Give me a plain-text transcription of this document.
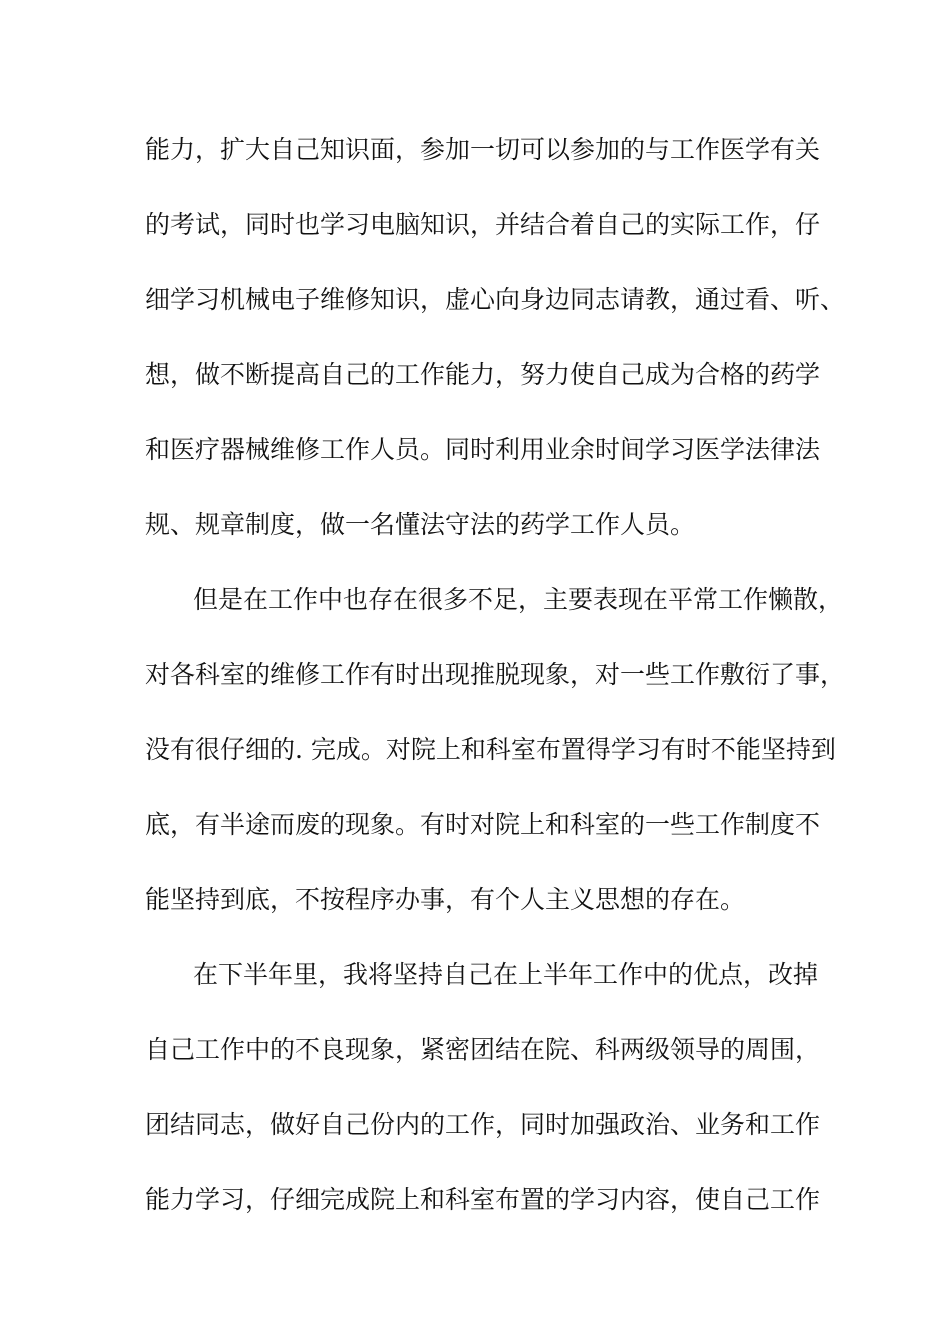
能力，扩大自己知识面，参加一切可以参加的与工作医学有关
的考试，同时也学习电脑知识，并结合着自己的实际工作，仔
细学习机械电子维修知识，虚心向身边同志请教，通过看、听、
想，做不断提高自己的工作能力，努力使自己成为合格的药学
和医疗器械维修工作人员。同时利用业余时间学习医学法律法
规、规章制度，做一名懂法守法的药学工作人员。
但是在工作中也存在很多不足，主要表现在平常工作懒散，
对各科室的维修工作有时出现推脱现象，对一些工作敷衍了事，
没有很仔细的. 完成。对院上和科室布置得学习有时不能坚持到
底，有半途而废的现象。有时对院上和科室的一些工作制度不
能坚持到底，不按程序办事，有个人主义思想的存在。
在下半年里，我将坚持自己在上半年工作中的优点，改掉
自己工作中的不良现象，紧密团结在院、科两级领导的周围，
团结同志，做好自己份内的工作，同时加强政治、业务和工作
能力学习，仔细完成院上和科室布置的学习内容，使自己工作
